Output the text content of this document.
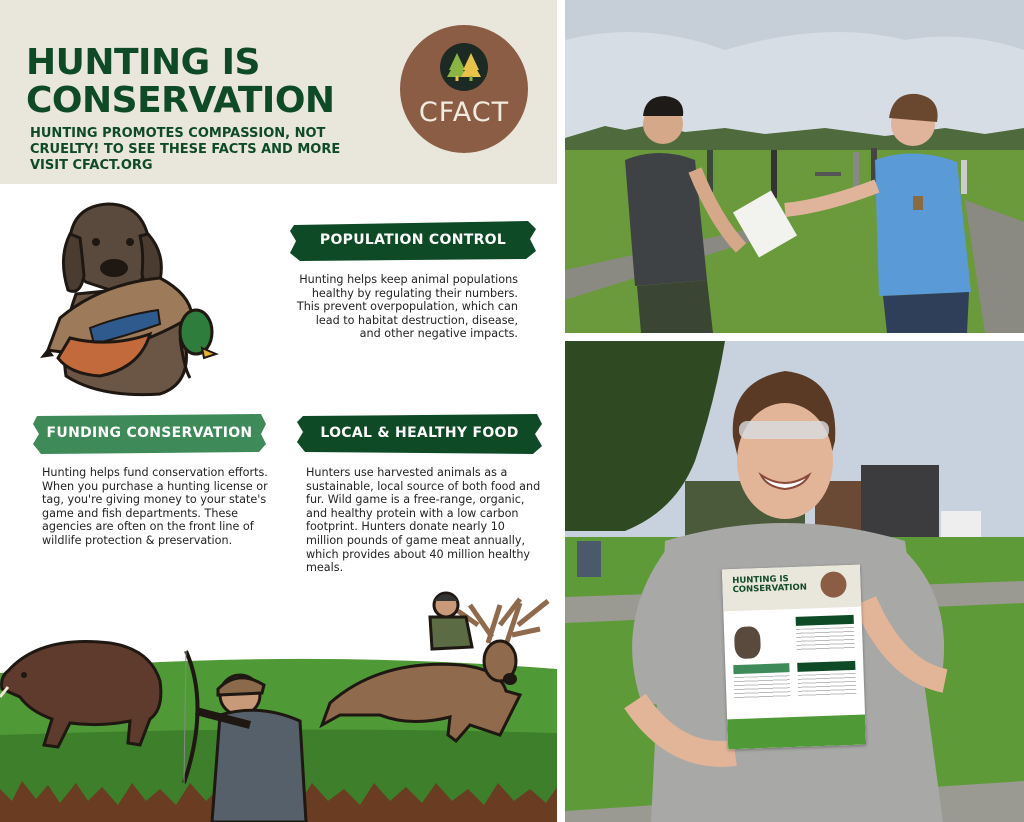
HUNTING IS CONSERVATION
HUNTING PROMOTES COMPASSION, NOT CRUELTY! TO SEE THESE FACTS AND MORE VISIT CFACT.ORG
CFACT
POPULATION CONTROL
Hunting helps keep animal populations healthy by regulating their numbers. This prevent overpopulation, which can lead to habitat destruction, disease, and other negative impacts.
FUNDING CONSERVATION
Hunting helps fund conservation efforts. When you purchase a hunting license or tag, you're giving money to your state's game and fish departments. These agencies are often on the front line of wildlife protection & preservation.
LOCAL & HEALTHY FOOD
Hunters use harvested animals as a sustainable, local source of both food and fur. Wild game is a free-range, organic, and healthy protein with a low carbon footprint. Hunters donate nearly 10 million pounds of game meat annually, which provides about 40 million healthy meals.
HUNTING IS CONSERVATION
